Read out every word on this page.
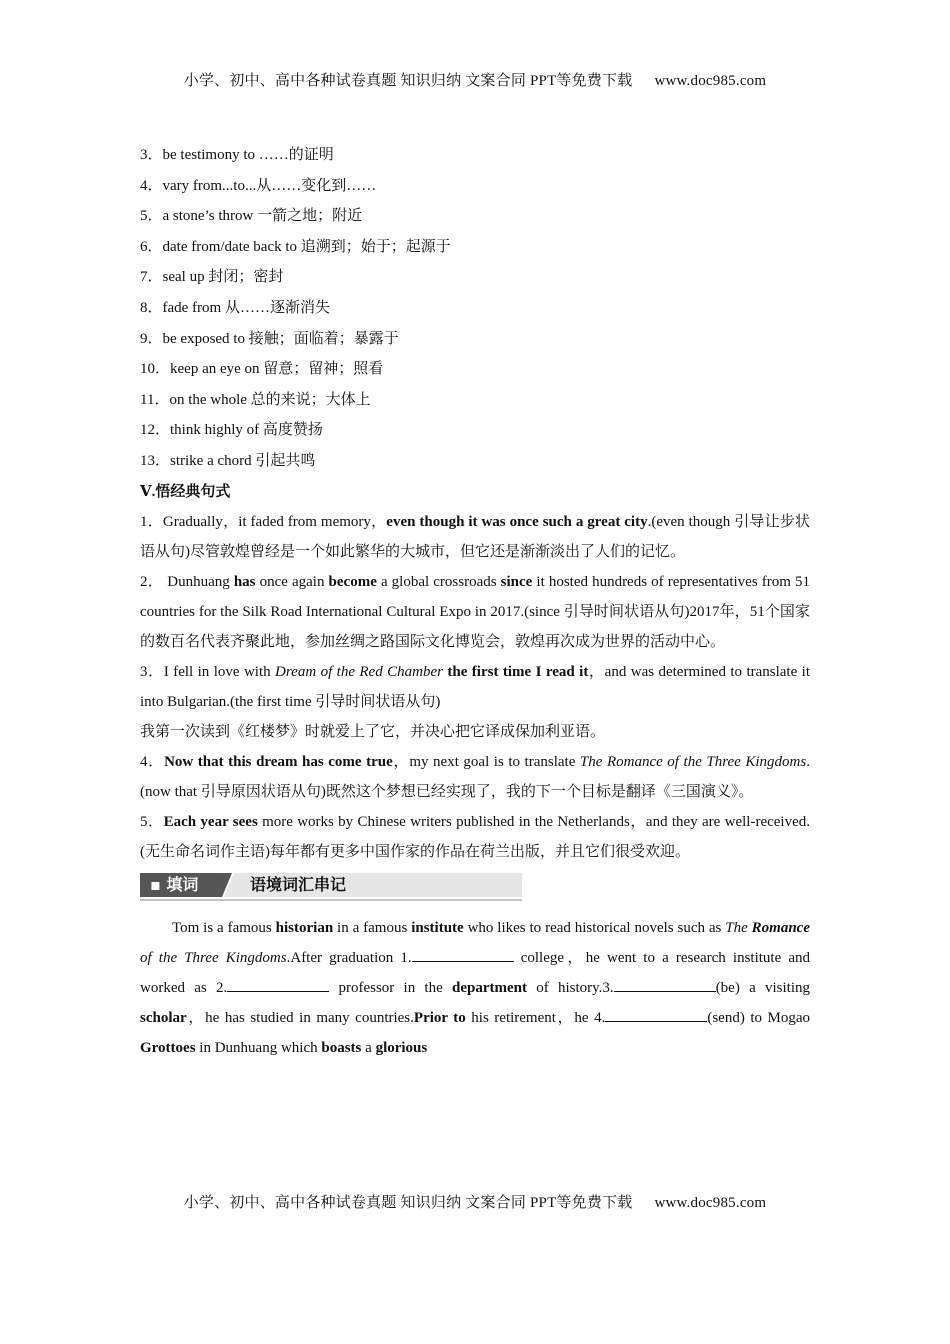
小学、初中、高中各种试卷真题 知识归纳 文案合同 PPT等免费下载 www.doc985.com
3．be testimony to ……的证明
4．vary from...to...从……变化到……
5．a stone’s throw 一箭之地；附近
6．date from/date back to 追溯到；始于；起源于
7．seal up 封闭；密封
8．fade from 从……逐渐消失
9．be exposed to 接触；面临着；暴露于
10．keep an eye on 留意；留神；照看
11．on the whole 总的来说；大体上
12．think highly of 高度赞扬
13．strike a chord 引起共鸣
Ⅴ.悟经典句式
1．Gradually，it faded from memory，even though it was once such a great city.(even though 引导让步状语从句)尽管敦煌曾经是一个如此繁华的大城市，但它还是渐渐淡出了人们的记忆。
2． Dunhuang has once again become a global crossroads since it hosted hundreds of representatives from 51 countries for the Silk Road International Cultural Expo in 2017.(since 引导时间状语从句)2017年，51个国家的数百名代表齐聚此地，参加丝绸之路国际文化博览会，敦煌再次成为世界的活动中心。
3．I fell in love with Dream of the Red Chamber the first time I read it，and was determined to translate it into Bulgarian.(the first time 引导时间状语从句)
我第一次读到《红楼梦》时就爱上了它，并决心把它译成保加利亚语。
4．Now that this dream has come true，my next goal is to translate The Romance of the Three Kingdoms.(now that 引导原因状语从句)既然这个梦想已经实现了，我的下一个目标是翻译《三国演义》。
5．Each year sees more works by Chinese writers published in the Netherlands，and they are well-received.(无生命名词作主语)每年都有更多中国作家的作品在荷兰出版，并且它们很受欢迎。
▪ 填词	语境词汇串记
Tom is a famous historian in a famous institute who likes to read historical novels such as The Romance of the Three Kingdoms.After graduation 1.	college，he went to a research institute and worked as 2.	professor in the department of history.3.	(be) a visiting scholar，he has studied in many countries.Prior to his retirement，he 4.	(send) to Mogao Grottoes in Dunhuang which boasts a glorious
小学、初中、高中各种试卷真题 知识归纳 文案合同 PPT等免费下载 www.doc985.com
